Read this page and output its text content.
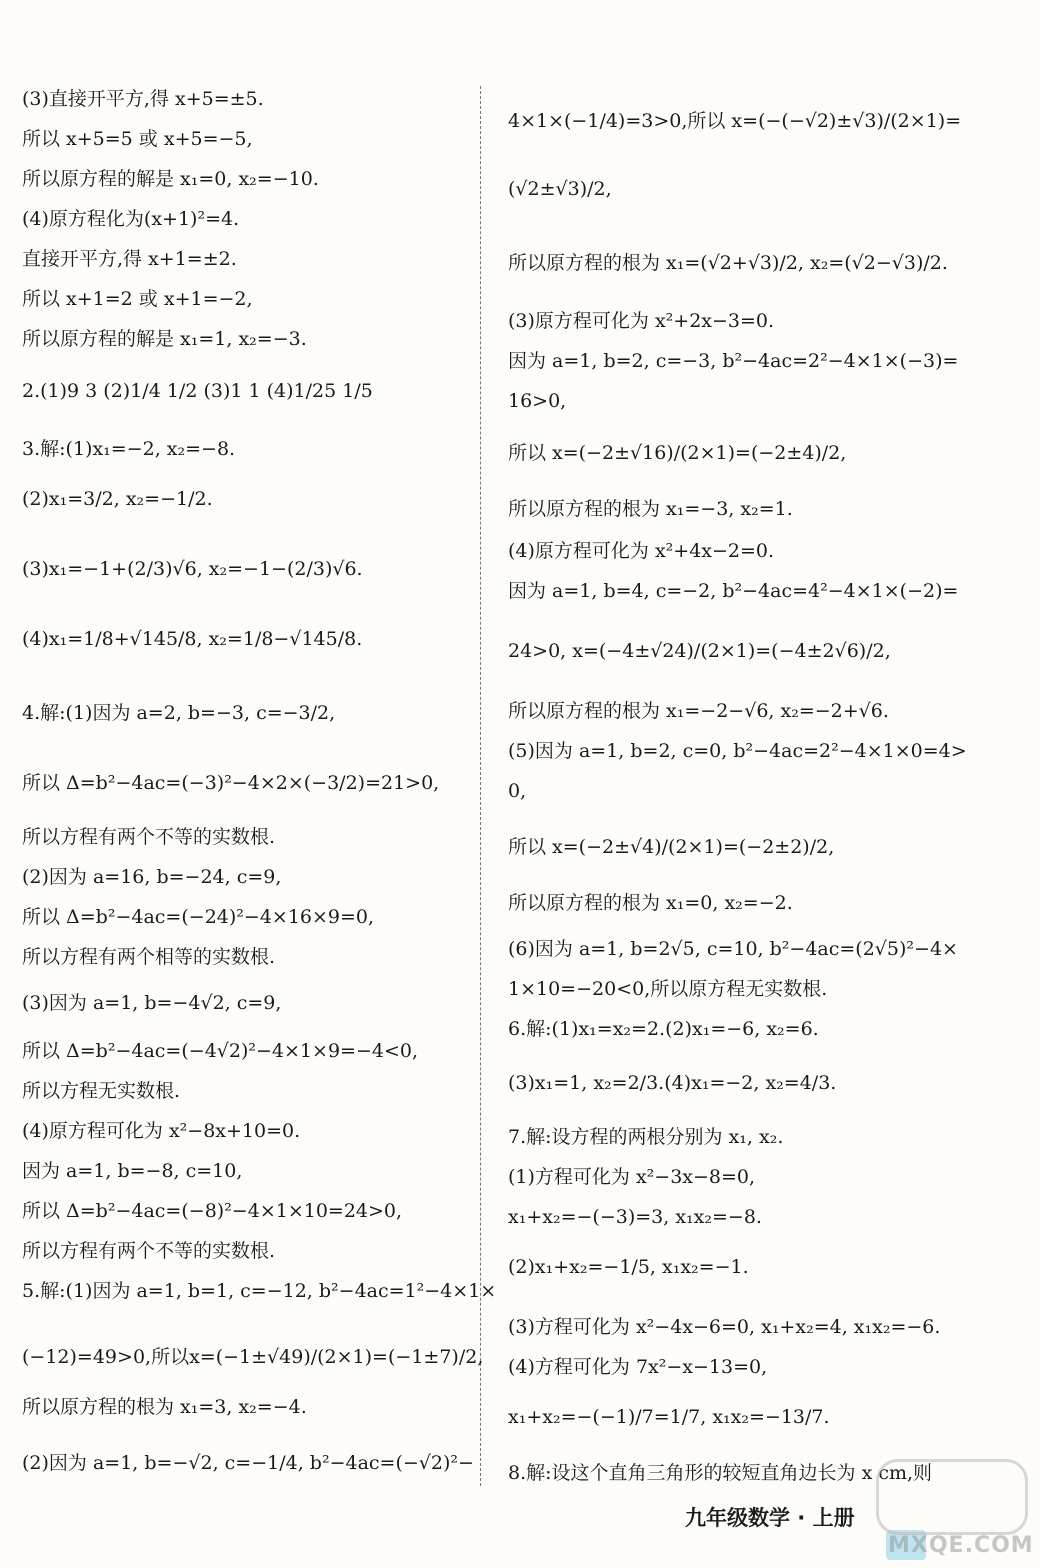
(3)直接开平方,得 x+5=±5.
所以 x+5=5 或 x+5=−5,
所以原方程的解是 x₁=0, x₂=−10.
(4)原方程化为(x+1)²=4.
直接开平方,得 x+1=±2.
所以 x+1=2 或 x+1=−2,
所以原方程的解是 x₁=1, x₂=−3.
2.(1)9 3 (2)1/4 1/2 (3)1 1 (4)1/25 1/5
3.解:(1)x₁=−2, x₂=−8.
(2)x₁=3/2, x₂=−1/2.
(3)x₁=−1+(2/3)√6, x₂=−1−(2/3)√6.
(4)x₁=1/8+√145/8, x₂=1/8−√145/8.
4.解:(1)因为 a=2, b=−3, c=−3/2,
所以 Δ=b²−4ac=(−3)²−4×2×(−3/2)=21>0,
所以方程有两个不等的实数根.
(2)因为 a=16, b=−24, c=9,
所以 Δ=b²−4ac=(−24)²−4×16×9=0,
所以方程有两个相等的实数根.
(3)因为 a=1, b=−4√2, c=9,
所以 Δ=b²−4ac=(−4√2)²−4×1×9=−4<0,
所以方程无实数根.
(4)原方程可化为 x²−8x+10=0.
因为 a=1, b=−8, c=10,
所以 Δ=b²−4ac=(−8)²−4×1×10=24>0,
所以方程有两个不等的实数根.
5.解:(1)因为 a=1, b=1, c=−12, b²−4ac=1²−4×1×
(−12)=49>0,所以x=(−1±√49)/(2×1)=(−1±7)/2,
所以原方程的根为 x₁=3, x₂=−4.
(2)因为 a=1, b=−√2, c=−1/4, b²−4ac=(−√2)²−
4×1×(−1/4)=3>0,所以 x=(−(−√2)±√3)/(2×1)=
(√2±√3)/2,
所以原方程的根为 x₁=(√2+√3)/2, x₂=(√2−√3)/2.
(3)原方程可化为 x²+2x−3=0.
因为 a=1, b=2, c=−3, b²−4ac=2²−4×1×(−3)=
16>0,
所以 x=(−2±√16)/(2×1)=(−2±4)/2,
所以原方程的根为 x₁=−3, x₂=1.
(4)原方程可化为 x²+4x−2=0.
因为 a=1, b=4, c=−2, b²−4ac=4²−4×1×(−2)=
24>0, x=(−4±√24)/(2×1)=(−4±2√6)/2,
所以原方程的根为 x₁=−2−√6, x₂=−2+√6.
(5)因为 a=1, b=2, c=0, b²−4ac=2²−4×1×0=4>
0,
所以 x=(−2±√4)/(2×1)=(−2±2)/2,
所以原方程的根为 x₁=0, x₂=−2.
(6)因为 a=1, b=2√5, c=10, b²−4ac=(2√5)²−4×
1×10=−20<0,所以原方程无实数根.
6.解:(1)x₁=x₂=2.(2)x₁=−6, x₂=6.
(3)x₁=1, x₂=2/3.(4)x₁=−2, x₂=4/3.
7.解:设方程的两根分别为 x₁, x₂.
(1)方程可化为 x²−3x−8=0,
x₁+x₂=−(−3)=3, x₁x₂=−8.
(2)x₁+x₂=−1/5, x₁x₂=−1.
(3)方程可化为 x²−4x−6=0, x₁+x₂=4, x₁x₂=−6.
(4)方程可化为 7x²−x−13=0,
x₁+x₂=−(−1)/7=1/7, x₁x₂=−13/7.
8.解:设这个直角三角形的较短直角边长为 x cm,则
九年级数学 · 上册
MXQE.COM
